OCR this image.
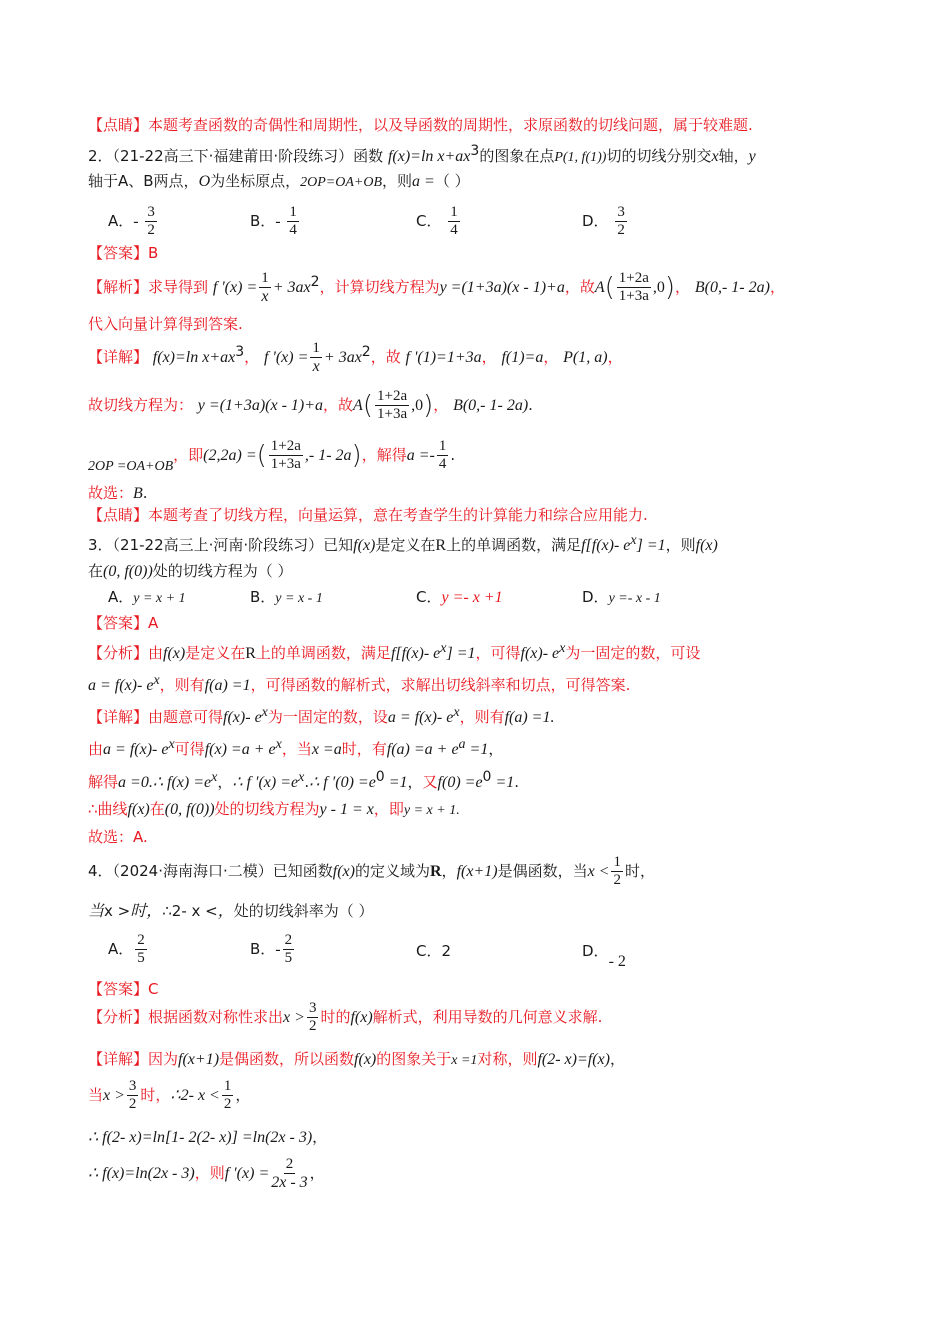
【点睛】本题考查函数的奇偶性和周期性，以及导函数的周期性，求原函数的切线问题，属于较难题.
2．（21-22高三下·福建莆田·阶段练习）函数 f(x)=ln $x+ax^3$的图象在点P(1, f(1))切的切线分别交x轴，y
轴于A、B两点，O为坐标原点，2OP=OA+OB，则a =（ ）
A．- $\frac{3}{2}$	B．- $\frac{1}{4}$	C． $\frac{1}{4}$	D． $\frac{3}{2}$
【答案】B
【解析】求导得到 f '$(x) = \frac{1}{x} + 3ax^2$，计算切线方程为y =(1+3a)(x - 1)+a，故$A( \frac{1+2a}{1+3a} ,0)$， B(0,- 1- 2a)，
代入向量计算得到答案.
【详解】 f(x)=ln $x+ax^3$， f '$(x) = \frac{1}{x} + 3ax^2$，故 f '(1)=1+3a， f(1)=a， P(1, a)，
故切线方程为： y =(1+3a)(x - 1)+a，故$A( \frac{1+2a}{1+3a} ,0)$， B(0,- 1- 2a).
2OP =OA+OB，即(2,2a) =( $\frac{1+2a}{1+3a}$ ,- 1- 2a)，解得$a =- \frac{1}{4}$ .
故选：B.
【点睛】本题考查了切线方程，向量运算，意在考查学生的计算能力和综合应用能力.
3．（21-22高三上·河南·阶段练习）已知f(x)是定义在R上的单调函数，满足f[f(x)- $e^x] =1$，则f(x)
在(0, f(0))处的切线方程为（ ）
A．y = x + 1	B．y = x - 1	C．y =- x +1	D．y =- x - 1
【答案】A
【分析】由f(x)是定义在R上的单调函数，满足f[f(x)- $e^x] =1$，可得f(x)- $e^x$为一固定的数，可设
a = f(x)- $e^x$，则有f(a) =1，可得函数的解析式，求解出切线斜率和切点，可得答案.
【详解】由题意可得f(x)- $e^x$为一固定的数，设a = f(x)- $e^x$，则有f(a) =1.
由a = f(x)- $e^x$可得$f(x) =a + e^x$，当x =a时，有$f(a) =a + e^a =1$，
解得a =0.∴ $f(x) =e^x$，∴ f $'(x) =e^x.\therefore$ f $'(0) =e^0 =1$，又$f(0) =e^0 =1$.
∴曲线f(x)在(0, f(0))处的切线方程为y - 1 = x，即y = x + 1.
故选：A.
4．（2024·海南海口·二模）已知函数f(x)的定义域为R，f(x+1)是偶函数，当$x < \frac{1}{2}$ 时，
当x >时，∴2- x <，处的切线斜率为（ ）
A． $\frac{2}{5}$	B．- $\frac{2}{5}$	C．2	D．- 2
【答案】C
【分析】根据函数对称性求出$x > \frac{3}{2}$ 时的f(x)解析式，利用导数的几何意义求解.
【详解】因为f(x+1)是偶函数，所以函数f(x)的图象关于x =1对称，则f(2- x)=f(x)，
当$x > \frac{3}{2}$ 时，∴2- $x < \frac{1}{2}$ ，
∴ f(2- x)=ln[1- 2(2- x)] =ln(2x - 3)，
∴ f(x)=ln(2x - 3)，则f $'(x) = \frac{2}{2x - 3}$ ，
